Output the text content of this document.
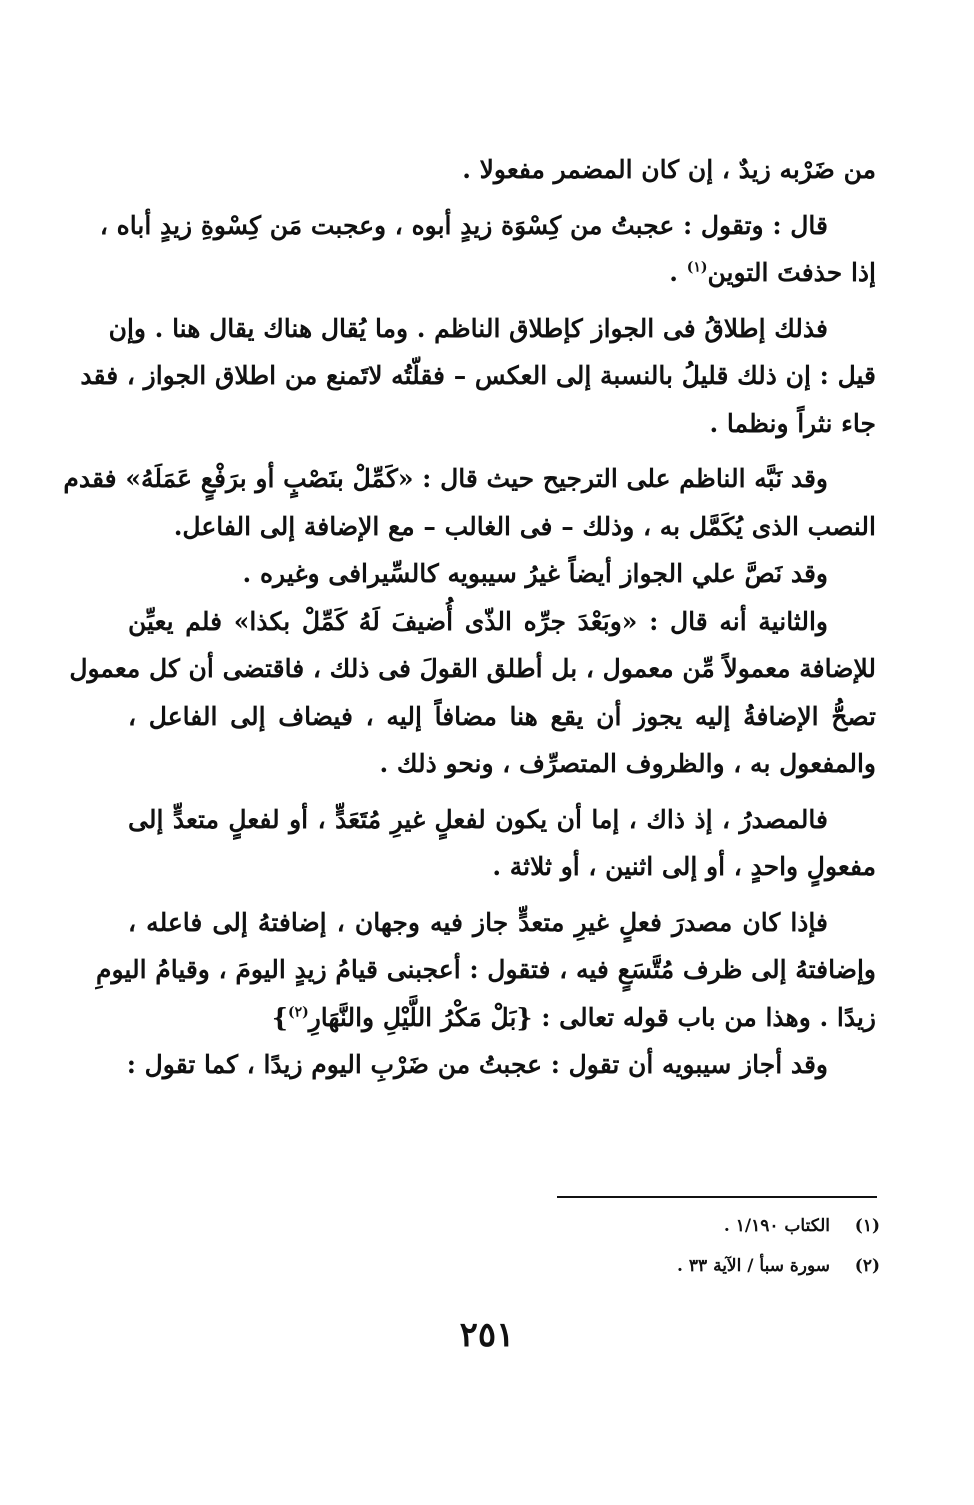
من ضَرْبه زيدٌ ، إن كان المضمر مفعولا .
قال : وتقول : عجبتُ من كِسْوَة زيدٍ أبوه ، وعجبت مَن كِسْوةِ زيدٍ أباه ،
إذا حذفتَ التوين$^{(١)}$ .
فذلك إطلاقُ فى الجواز كإطلاق الناظم . وما يُقال هناك يقال هنا . وإن
قيل : إن ذلك قليلُ بالنسبة إلى العكس – فقلّتُه لاتَمنع من اطلاق الجواز ، فقد
جاء نثراً ونظما .
وقد نَبَّه الناظم على الترجيح حيث قال : «كَمِّلْ بنَصْبٍ أو برَفْعٍ عَمَلَهُ» فقدم
النصب الذى يُكَمَّل به ، وذلك – فى الغالب – مع الإضافة إلى الفاعل.
وقد نَصَّ علي الجواز أيضاً غيرُ سيبويه كالسِّيرافى وغيره .
والثانية أنه قال : «وبَعْدَ جرِّه الذّى أُضيفَ لَهُ كَمِّلْ بكذا» فلم يعيِّن
للإضافة معمولاً مِّن معمول ، بل أطلق القولَ فى ذلك ، فاقتضى أن كل معمول
تصحُّ الإضافةُ إليه يجوز أن يقع هنا مضافاً إليه ، فيضاف إلى الفاعل ،
والمفعول به ، والظروف المتصرِّف ، ونحو ذلك .
فالمصدرُ ، إذ ذاك ، إما أن يكون لفعلٍ غيرِ مُتَعَدٍّ ، أو لفعلٍ متعدٍّ إلى
مفعولٍ واحدٍ ، أو إلى اثنين ، أو ثلاثة .
فإذا كان مصدرَ فعلٍ غيرِ متعدٍّ جاز فيه وجهان ، إضافتهُ إلى فاعله ،
وإضافتهُ إلى ظرف مُتَّسَعٍ فيه ، فتقول : أعجبنى قيامُ زيدٍ اليومَ ، وقيامُ اليومِ
زيدًا . وهذا من باب قوله تعالى : {بَلْ مَكْرُ اللَّيْلِ والنَّهَارِ$^{(٢)}$}
وقد أجاز سيبويه أن تقول : عجبتُ من ضَرْبِ اليوم زيدًا ، كما تقول :
(١)الكتاب ١/١٩٠ .
(٢)سورة سبأ / الآية ٣٣ .
٢٥١
